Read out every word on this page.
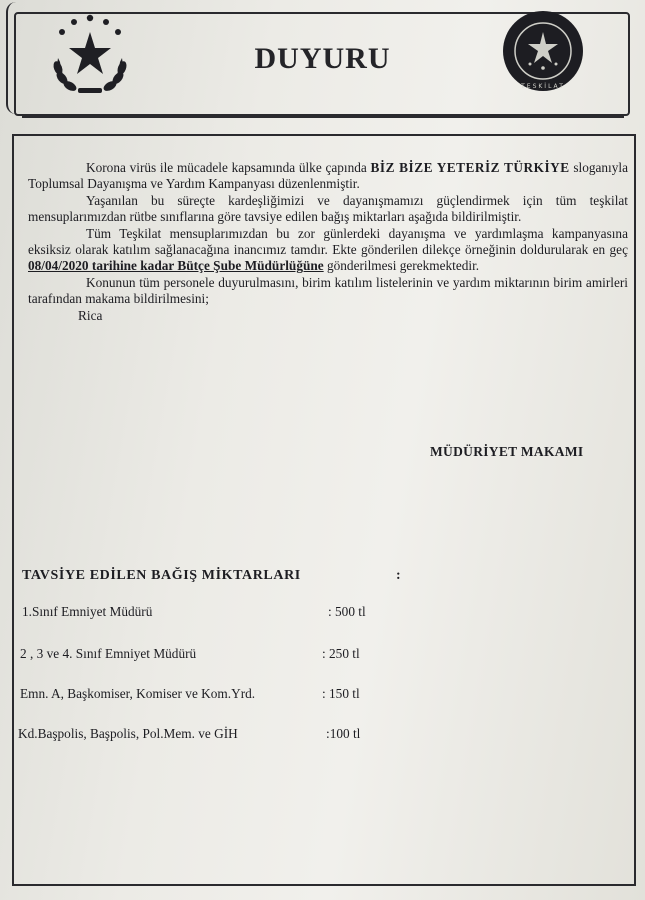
DUYURU
TESKİLAT

Korona virüs ile mücadele kapsamında ülke çapında BİZ BİZE YETERİZ TÜRKİYE sloganıyla Toplumsal Dayanışma ve Yardım Kampanyası düzenlenmiştir.

Yaşanılan bu süreçte kardeşliğimizi ve dayanışmamızı güçlendirmek için tüm teşkilat mensuplarımızdan rütbe sınıflarına göre tavsiye edilen bağış miktarları aşağıda bildirilmiştir.

Tüm Teşkilat mensuplarımızdan bu zor günlerdeki dayanışma ve yardımlaşma kampanyasına eksiksiz olarak katılım sağlanacağına inancımız tamdır. Ekte gönderilen dilekçe örneğinin doldurularak en geç 08/04/2020 tarihine kadar Bütçe Şube Müdürlüğüne gönderilmesi gerekmektedir.

Konunun tüm personele duyurulmasını, birim katılım listelerinin ve yardım miktarının birim amirleri tarafından makama bildirilmesini;

Rica

MÜDÜRİYET MAKAMI
TAVSİYE EDİLEN BAĞIŞ MİKTARLARI	:
1.Sınıf Emniyet Müdürü	: 500 tl
2 , 3 ve 4. Sınıf Emniyet Müdürü	: 250 tl
Emn. A, Başkomiser, Komiser ve Kom.Yrd.	: 150 tl
Kd.Başpolis, Başpolis, Pol.Mem. ve GİH	:100 tl
